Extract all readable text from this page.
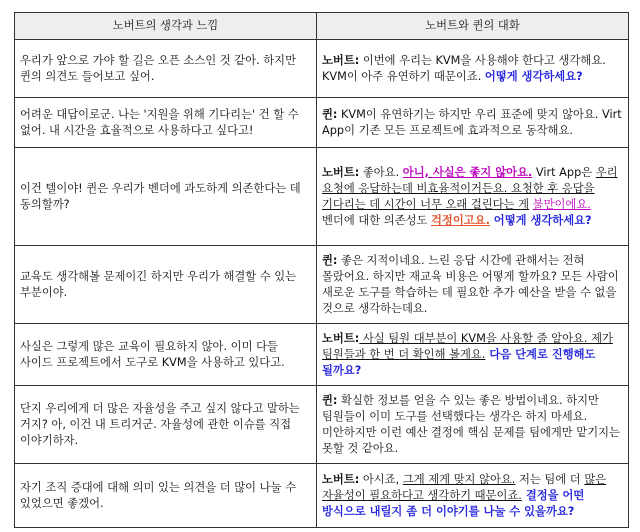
노버트의 생각과 느낌	노버트와 퀸의 대화
우리가 앞으로 가야 할 길은 오픈 소스인 것 같아. 하지만 퀸의 의견도 들어보고 싶어.	노버트: 이번에 우리는 KVM을 사용해야 한다고 생각해요. KVM이 아주 유연하기 때문이죠. 어떻게 생각하세요?
어려운 대답이로군. 나는 '지원을 위해 기다리는' 건 할 수 없어. 내 시간을 효율적으로 사용하다고 싶다고!	퀸: KVM이 유연하기는 하지만 우리 표준에 맞지 않아요. Virt App이 기존 모든 프로젝트에 효과적으로 동작해요.
이건 텔이야! 퀸은 우리가 벤더에 과도하게 의존한다는 데 동의할까?	노버트: 좋아요. 아니, 사실은 좋지 않아요. Virt App은 우리 요청에 응답하는데 비효율적이거든요. 요청한 후 응답을 기다리는 데 시간이 너무 오래 걸린다는 게 불만이에요. 벤더에 대한 의존성도 걱정이고요. 어떻게 생각하세요?
교육도 생각해볼 문제이긴 하지만 우리가 해결할 수 있는 부분이야.	퀸: 좋은 지적이네요. 느린 응답 시간에 관해서는 전혀 몰랐어요. 하지만 재교육 비용은 어떻게 할까요? 모든 사람이 새로운 도구를 학습하는 데 필요한 추가 예산을 받을 수 없을 것으로 생각하는데요.
사실은 그렇게 많은 교육이 필요하지 않아. 이미 다들 사이드 프로젝트에서 도구로 KVM을 사용하고 있다고.	노버트: 사실 팀원 대부분이 KVM을 사용할 줄 알아요. 제가 팀원들과 한 번 더 확인해 볼게요. 다음 단계로 진행해도 될까요?
단지 우리에게 더 많은 자율성을 주고 싶지 않다고 말하는 거지? 아, 이건 내 트리거군. 자율성에 관한 이슈를 직접 이야기하자.	퀸: 확실한 정보를 얻을 수 있는 좋은 방법이네요. 하지만 팀원들이 이미 도구를 선택했다는 생각은 하지 마세요. 미안하지만 이런 예산 결정에 핵심 문제를 팀에게만 맡기지는 못할 것 같아요.
자기 조직 증대에 대해 의미 있는 의견을 더 많이 나눌 수 있었으면 좋겠어.	노버트: 아시죠, 그게 제게 맞지 않아요. 저는 팀에 더 많은 자율성이 필요하다고 생각하기 때문이죠. 결정을 어떤 방식으로 내릴지 좀 더 이야기를 나눌 수 있을까요?
